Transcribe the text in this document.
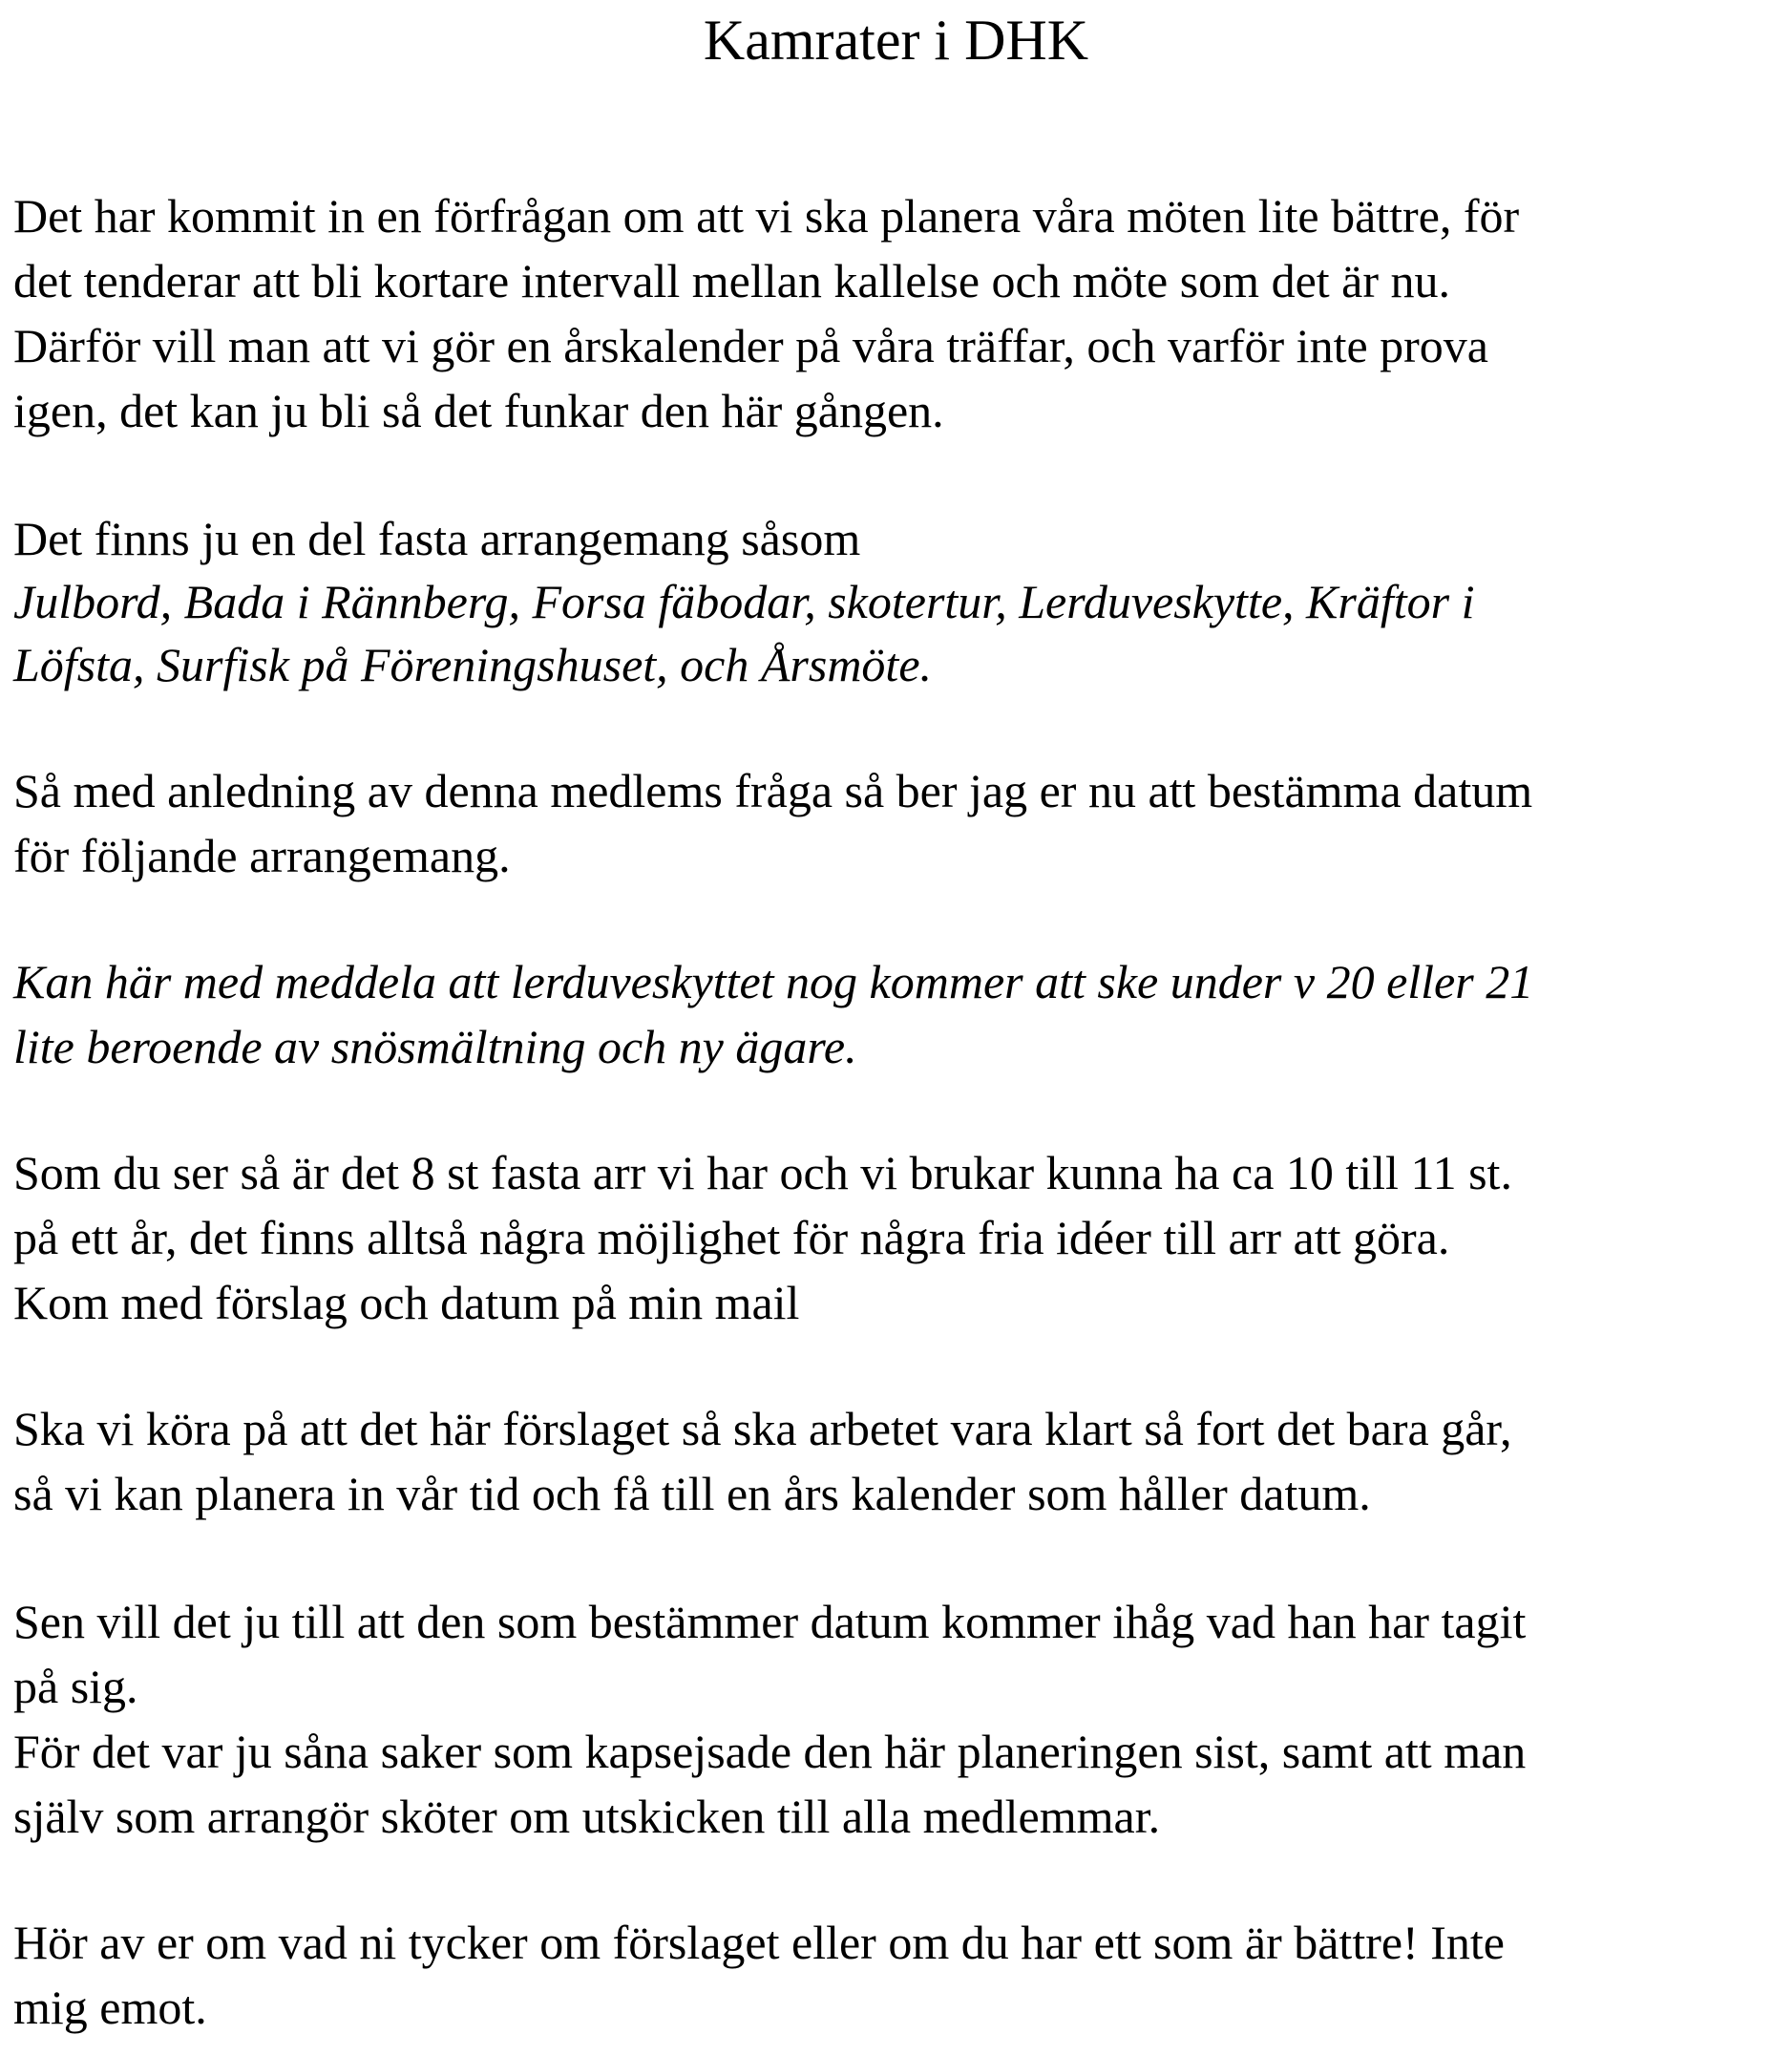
Kamrater i DHK
Det har kommit in en förfrågan om att vi ska planera våra möten lite bättre, för
det tenderar att bli kortare intervall mellan kallelse och möte som det är nu.
Därför vill man att vi gör en årskalender på våra träffar, och varför inte prova
igen, det kan ju bli så det funkar den här gången.
Det finns ju en del fasta arrangemang såsom
Julbord, Bada i Rännberg, Forsa fäbodar, skotertur, Lerduveskytte, Kräftor i
Löfsta, Surfisk på Föreningshuset, och Årsmöte.
Så med anledning av denna medlems fråga så ber jag er nu att bestämma datum
för följande arrangemang.
Kan här med meddela att lerduveskyttet nog kommer att ske under v 20 eller 21
lite beroende av snösmältning och ny ägare.
Som du ser så är det 8 st fasta arr vi har och vi brukar kunna ha ca 10 till 11 st.
på ett år, det finns alltså några möjlighet för några fria idéer till arr att göra.
Kom med förslag och datum på min mail
Ska vi köra på att det här förslaget så ska arbetet vara klart så fort det bara går,
så vi kan planera in vår tid och få till en års kalender som håller datum.
Sen vill det ju till att den som bestämmer datum kommer ihåg vad han har tagit
på sig.
För det var ju såna saker som kapsejsade den här planeringen sist, samt att man
själv som arrangör sköter om utskicken till alla medlemmar.
Hör av er om vad ni tycker om förslaget eller om du har ett som är bättre! Inte
mig emot.
